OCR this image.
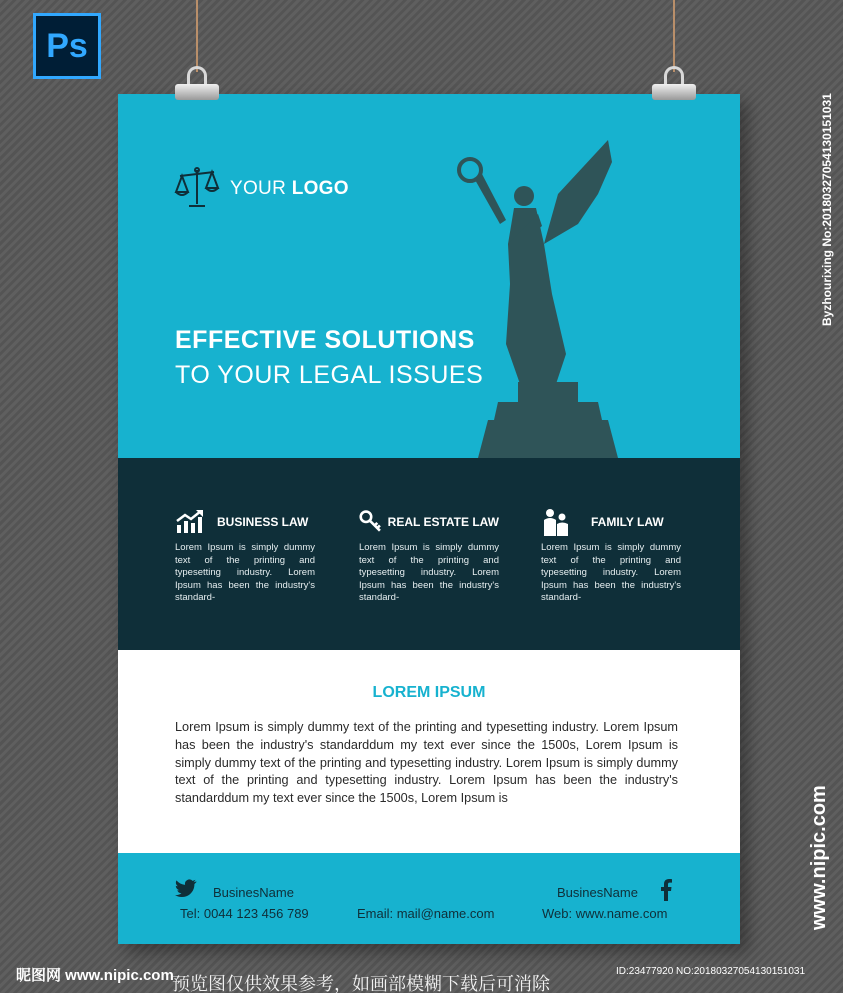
Ps
YOUR LOGO
EFFECTIVE SOLUTIONS
TO YOUR LEGAL ISSUES
BUSINESS LAW
Lorem Ipsum is simply dummy text of the printing and typesetting industry. Lorem Ipsum has been the industry's standard-
REAL ESTATE LAW
Lorem Ipsum is simply dummy text of the printing and typesetting industry. Lorem Ipsum has been the industry's standard-
FAMILY LAW
Lorem Ipsum is simply dummy text of the printing and typesetting industry. Lorem Ipsum has been the industry's standard-
LOREM IPSUM
Lorem Ipsum is simply dummy text of the printing and typesetting industry. Lorem Ipsum has been the industry's standarddum my text ever since the 1500s, Lorem Ipsum is simply dummy text of the printing and typesetting industry. Lorem Ipsum is simply dummy text of the printing and typesetting industry. Lorem Ipsum has been the industry's standarddum my text ever since the 1500s, Lorem Ipsum is
BusinesName
Tel: 0044 123 456 789	Email: mail@name.com
BusinesName
Web: www.name.com
Byzhourixing No:20180327054130151031
www.nipic.com
昵图网 www.nipic.com
预览图仅供效果参考，如画部模糊下载后可消除
ID:23477920 NO:20180327054130151031
